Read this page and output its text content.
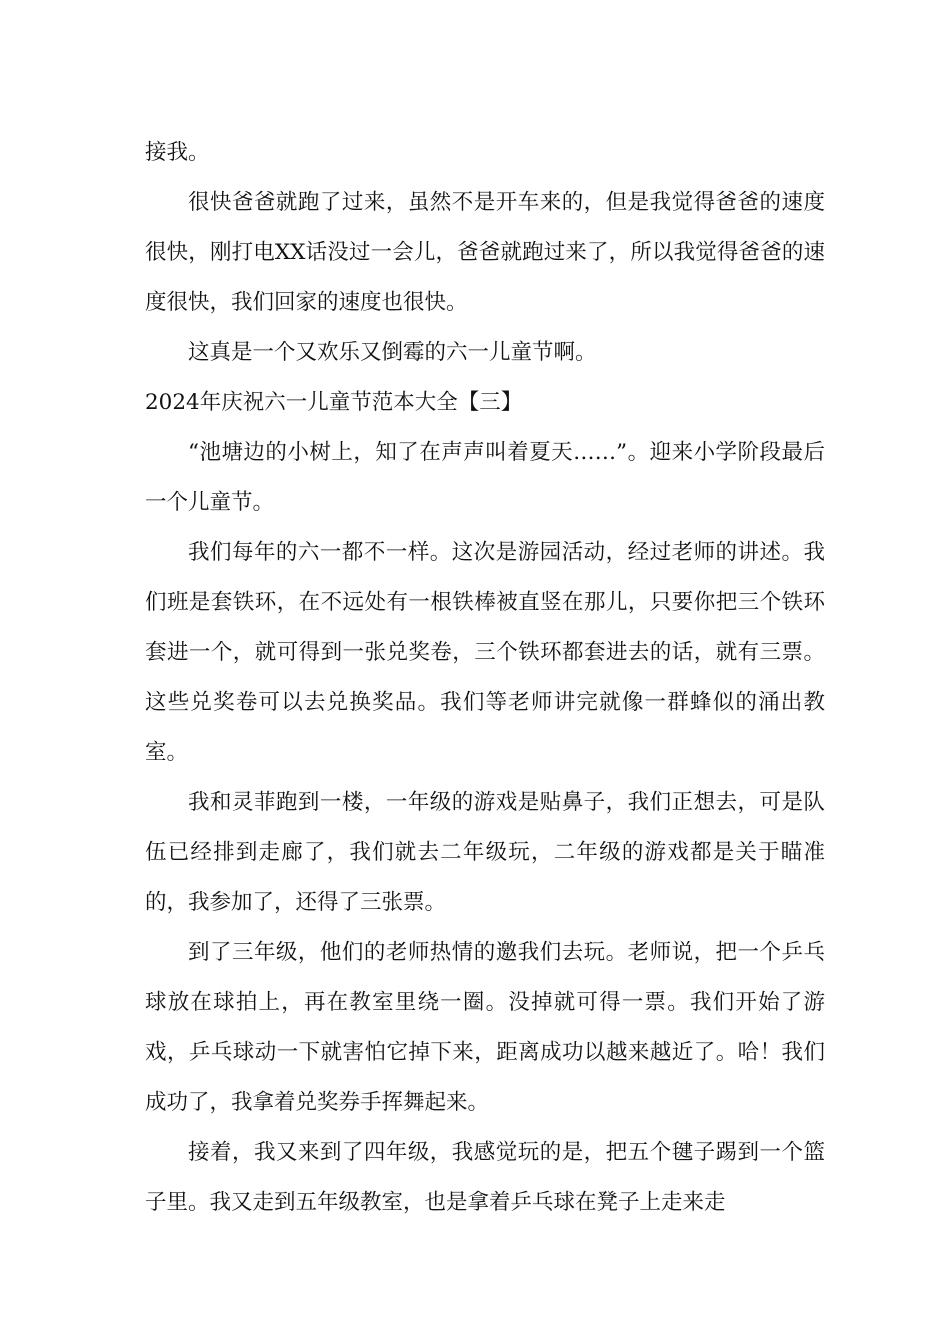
接我。

很快爸爸就跑了过来，虽然不是开车来的，但是我觉得爸爸的速度很快，刚打电XX话没过一会儿，爸爸就跑过来了，所以我觉得爸爸的速度很快，我们回家的速度也很快。

这真是一个又欢乐又倒霉的六一儿童节啊。

2024年庆祝六一儿童节范本大全【三】

“池塘边的小树上，知了在声声叫着夏天……”。迎来小学阶段最后一个儿童节。

我们每年的六一都不一样。这次是游园活动，经过老师的讲述。我们班是套铁环，在不远处有一根铁棒被直竖在那儿，只要你把三个铁环套进一个，就可得到一张兑奖卷，三个铁环都套进去的话，就有三票。这些兑奖卷可以去兑换奖品。我们等老师讲完就像一群蜂似的涌出教室。

我和灵菲跑到一楼，一年级的游戏是贴鼻子，我们正想去，可是队伍已经排到走廊了，我们就去二年级玩，二年级的游戏都是关于瞄准的，我参加了，还得了三张票。

到了三年级，他们的老师热情的邀我们去玩。老师说，把一个乒乓球放在球拍上，再在教室里绕一圈。没掉就可得一票。我们开始了游戏，乒乓球动一下就害怕它掉下来，距离成功以越来越近了。哈！我们成功了，我拿着兑奖券手挥舞起来。

接着，我又来到了四年级，我感觉玩的是，把五个毽子踢到一个篮子里。我又走到五年级教室，也是拿着乒乓球在凳子上走来走
